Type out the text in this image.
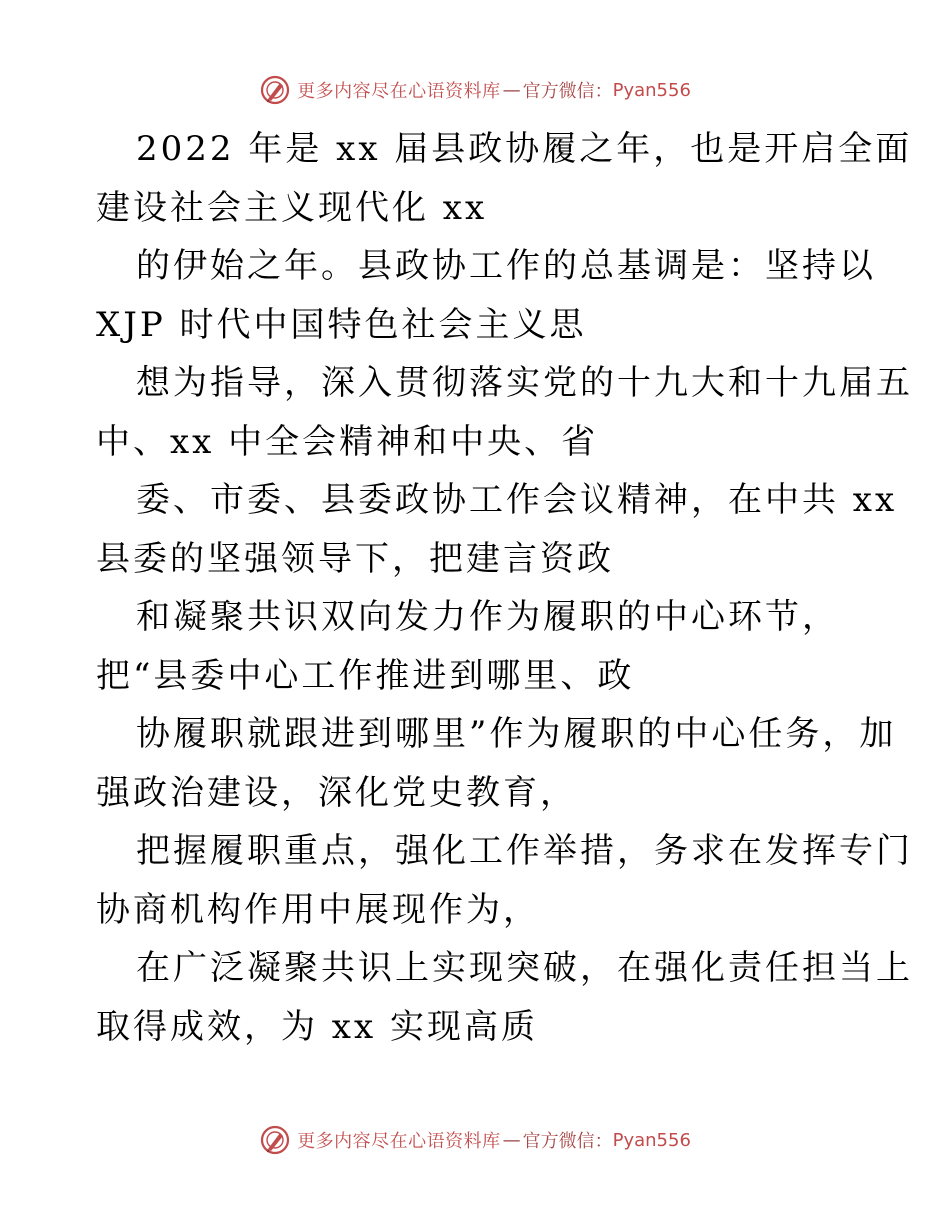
更多内容尽在心语资料库 — 官方微信： Pyan556
2022 年是 xx 届县政协履之年，也是开启全面
建设社会主义现代化 xx
的伊始之年。县政协工作的总基调是：坚持以
XJP 时代中国特色社会主义思
想为指导，深入贯彻落实党的十九大和十九届五
中、xx 中全会精神和中央、省
委、市委、县委政协工作会议精神，在中共 xx
县委的坚强领导下，把建言资政
和凝聚共识双向发力作为履职的中心环节，
把“县委中心工作推进到哪里、政
协履职就跟进到哪里”作为履职的中心任务，加
强政治建设，深化党史教育，
把握履职重点，强化工作举措，务求在发挥专门
协商机构作用中展现作为，
在广泛凝聚共识上实现突破，在强化责任担当上
取得成效，为 xx 实现高质
更多内容尽在心语资料库 — 官方微信： Pyan556
